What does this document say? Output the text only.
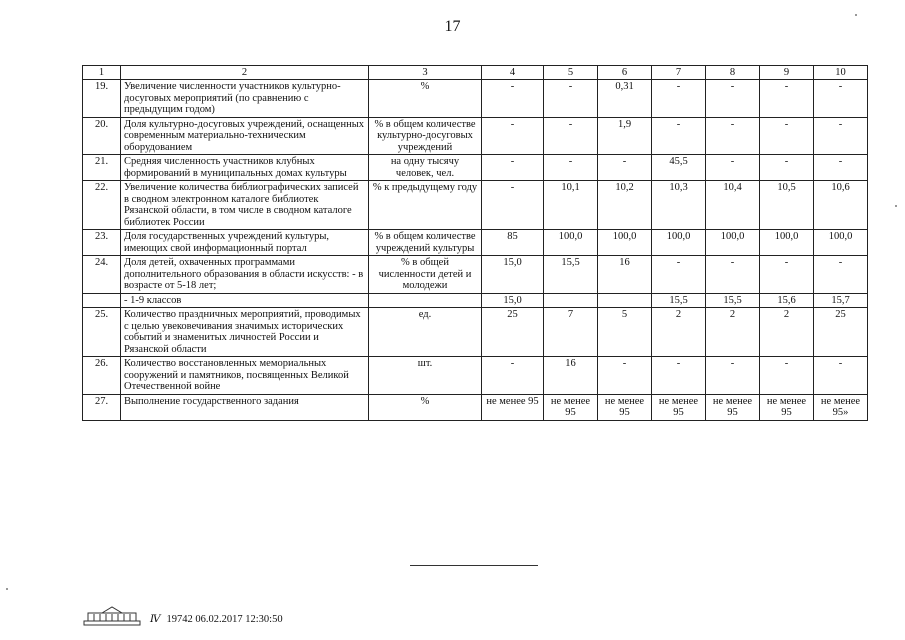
17
1	2	3	4	5	6	7	8	9	10
19.	Увеличение численности участников культурно-досуговых мероприятий (по сравнению с предыдущим годом)	%	-	-	0,31	-	-	-	-
20.	Доля культурно-досуговых учреждений, оснащенных современным материально-техническим оборудованием	% в общем количестве культурно-досуговых учреждений	-	-	1,9	-	-	-	-
21.	Средняя численность участников клубных формирований в муниципальных домах культуры	на одну тысячу человек, чел.	-	-	-	45,5	-	-	-
22.	Увеличение количества библиографических записей в сводном электронном каталоге библиотек Рязанской области, в том числе в сводном каталоге библиотек России	% к предыдущему году	-	10,1	10,2	10,3	10,4	10,5	10,6
23.	Доля государственных учреждений культуры, имеющих свой информационный портал	% в общем количестве учреждений культуры	85	100,0	100,0	100,0	100,0	100,0	100,0
24.	Доля детей, охваченных программами дополнительного образования в области искусств: - в возрасте от 5-18 лет;	% в общей численности детей и молодежи	15,0	15,5	16	-	-	-	-
	- 1-9 классов		15,0			15,5	15,5	15,6	15,7
25.	Количество праздничных мероприятий, проводимых с целью увековечивания значимых исторических событий и знаменитых личностей России и Рязанской области	ед.	25	7	5	2	2	2	25
26.	Количество восстановленных мемориальных сооружений и памятников, посвященных Великой Отечественной войне	шт.	-	16	-	-	-	-	-
27.	Выполнение государственного задания	%	не менее 95	не менее 95	не менее 95	не менее 95	не менее 95	не менее 95	не менее 95»
Ⅳ 19742 06.02.2017 12:30:50
